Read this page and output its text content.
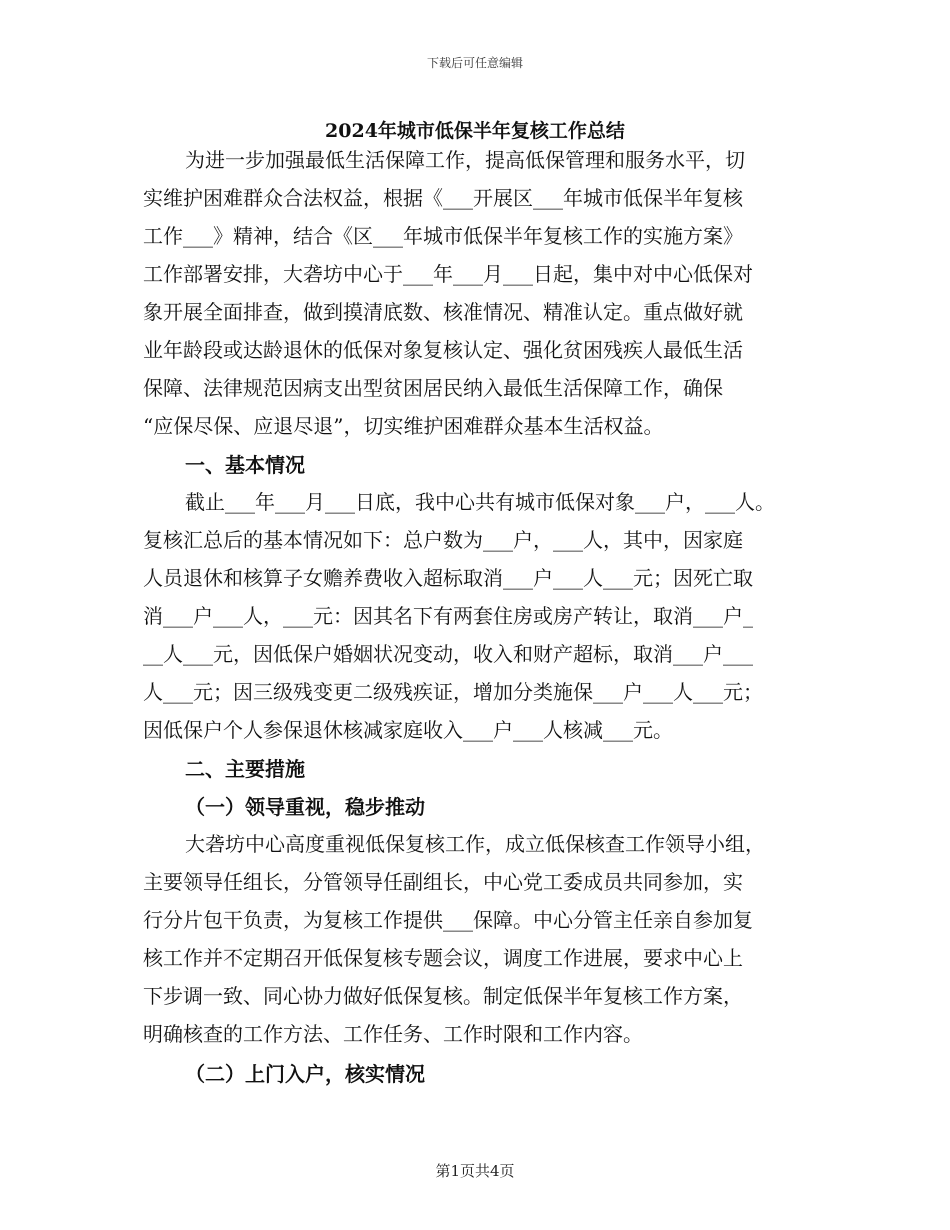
下载后可任意编辑
2024年城市低保半年复核工作总结
为进一步加强最低生活保障工作，提高低保管理和服务水平，切
实维护困难群众合法权益，根据《___开展区___年城市低保半年复核
工作___》精神，结合《区___年城市低保半年复核工作的实施方案》
工作部署安排，大砻坊中心于___年___月___日起，集中对中心低保对
象开展全面排查，做到摸清底数、核准情况、精准认定。重点做好就
业年龄段或达龄退休的低保对象复核认定、强化贫困残疾人最低生活
保障、法律规范因病支出型贫困居民纳入最低生活保障工作，确保
“应保尽保、应退尽退”，切实维护困难群众基本生活权益。
一、基本情况
截止___年___月___日底，我中心共有城市低保对象___户，___人。
复核汇总后的基本情况如下：总户数为___户，___人，其中，因家庭
人员退休和核算子女赡养费收入超标取消___户___人___元；因死亡取
消___户___人，___元：因其名下有两套住房或房产转让，取消___户_
__人___元，因低保户婚姻状况变动，收入和财产超标，取消___户___
人___元；因三级残变更二级残疾证，增加分类施保___户___人___元；
因低保户个人参保退休核减家庭收入___户___人核减___元。
二、主要措施
（一）领导重视，稳步推动
大砻坊中心高度重视低保复核工作，成立低保核查工作领导小组，
主要领导任组长，分管领导任副组长，中心党工委成员共同参加，实
行分片包干负责，为复核工作提供___保障。中心分管主任亲自参加复
核工作并不定期召开低保复核专题会议，调度工作进展，要求中心上
下步调一致、同心协力做好低保复核。制定低保半年复核工作方案，
明确核查的工作方法、工作任务、工作时限和工作内容。
（二）上门入户，核实情况
第1页共4页
